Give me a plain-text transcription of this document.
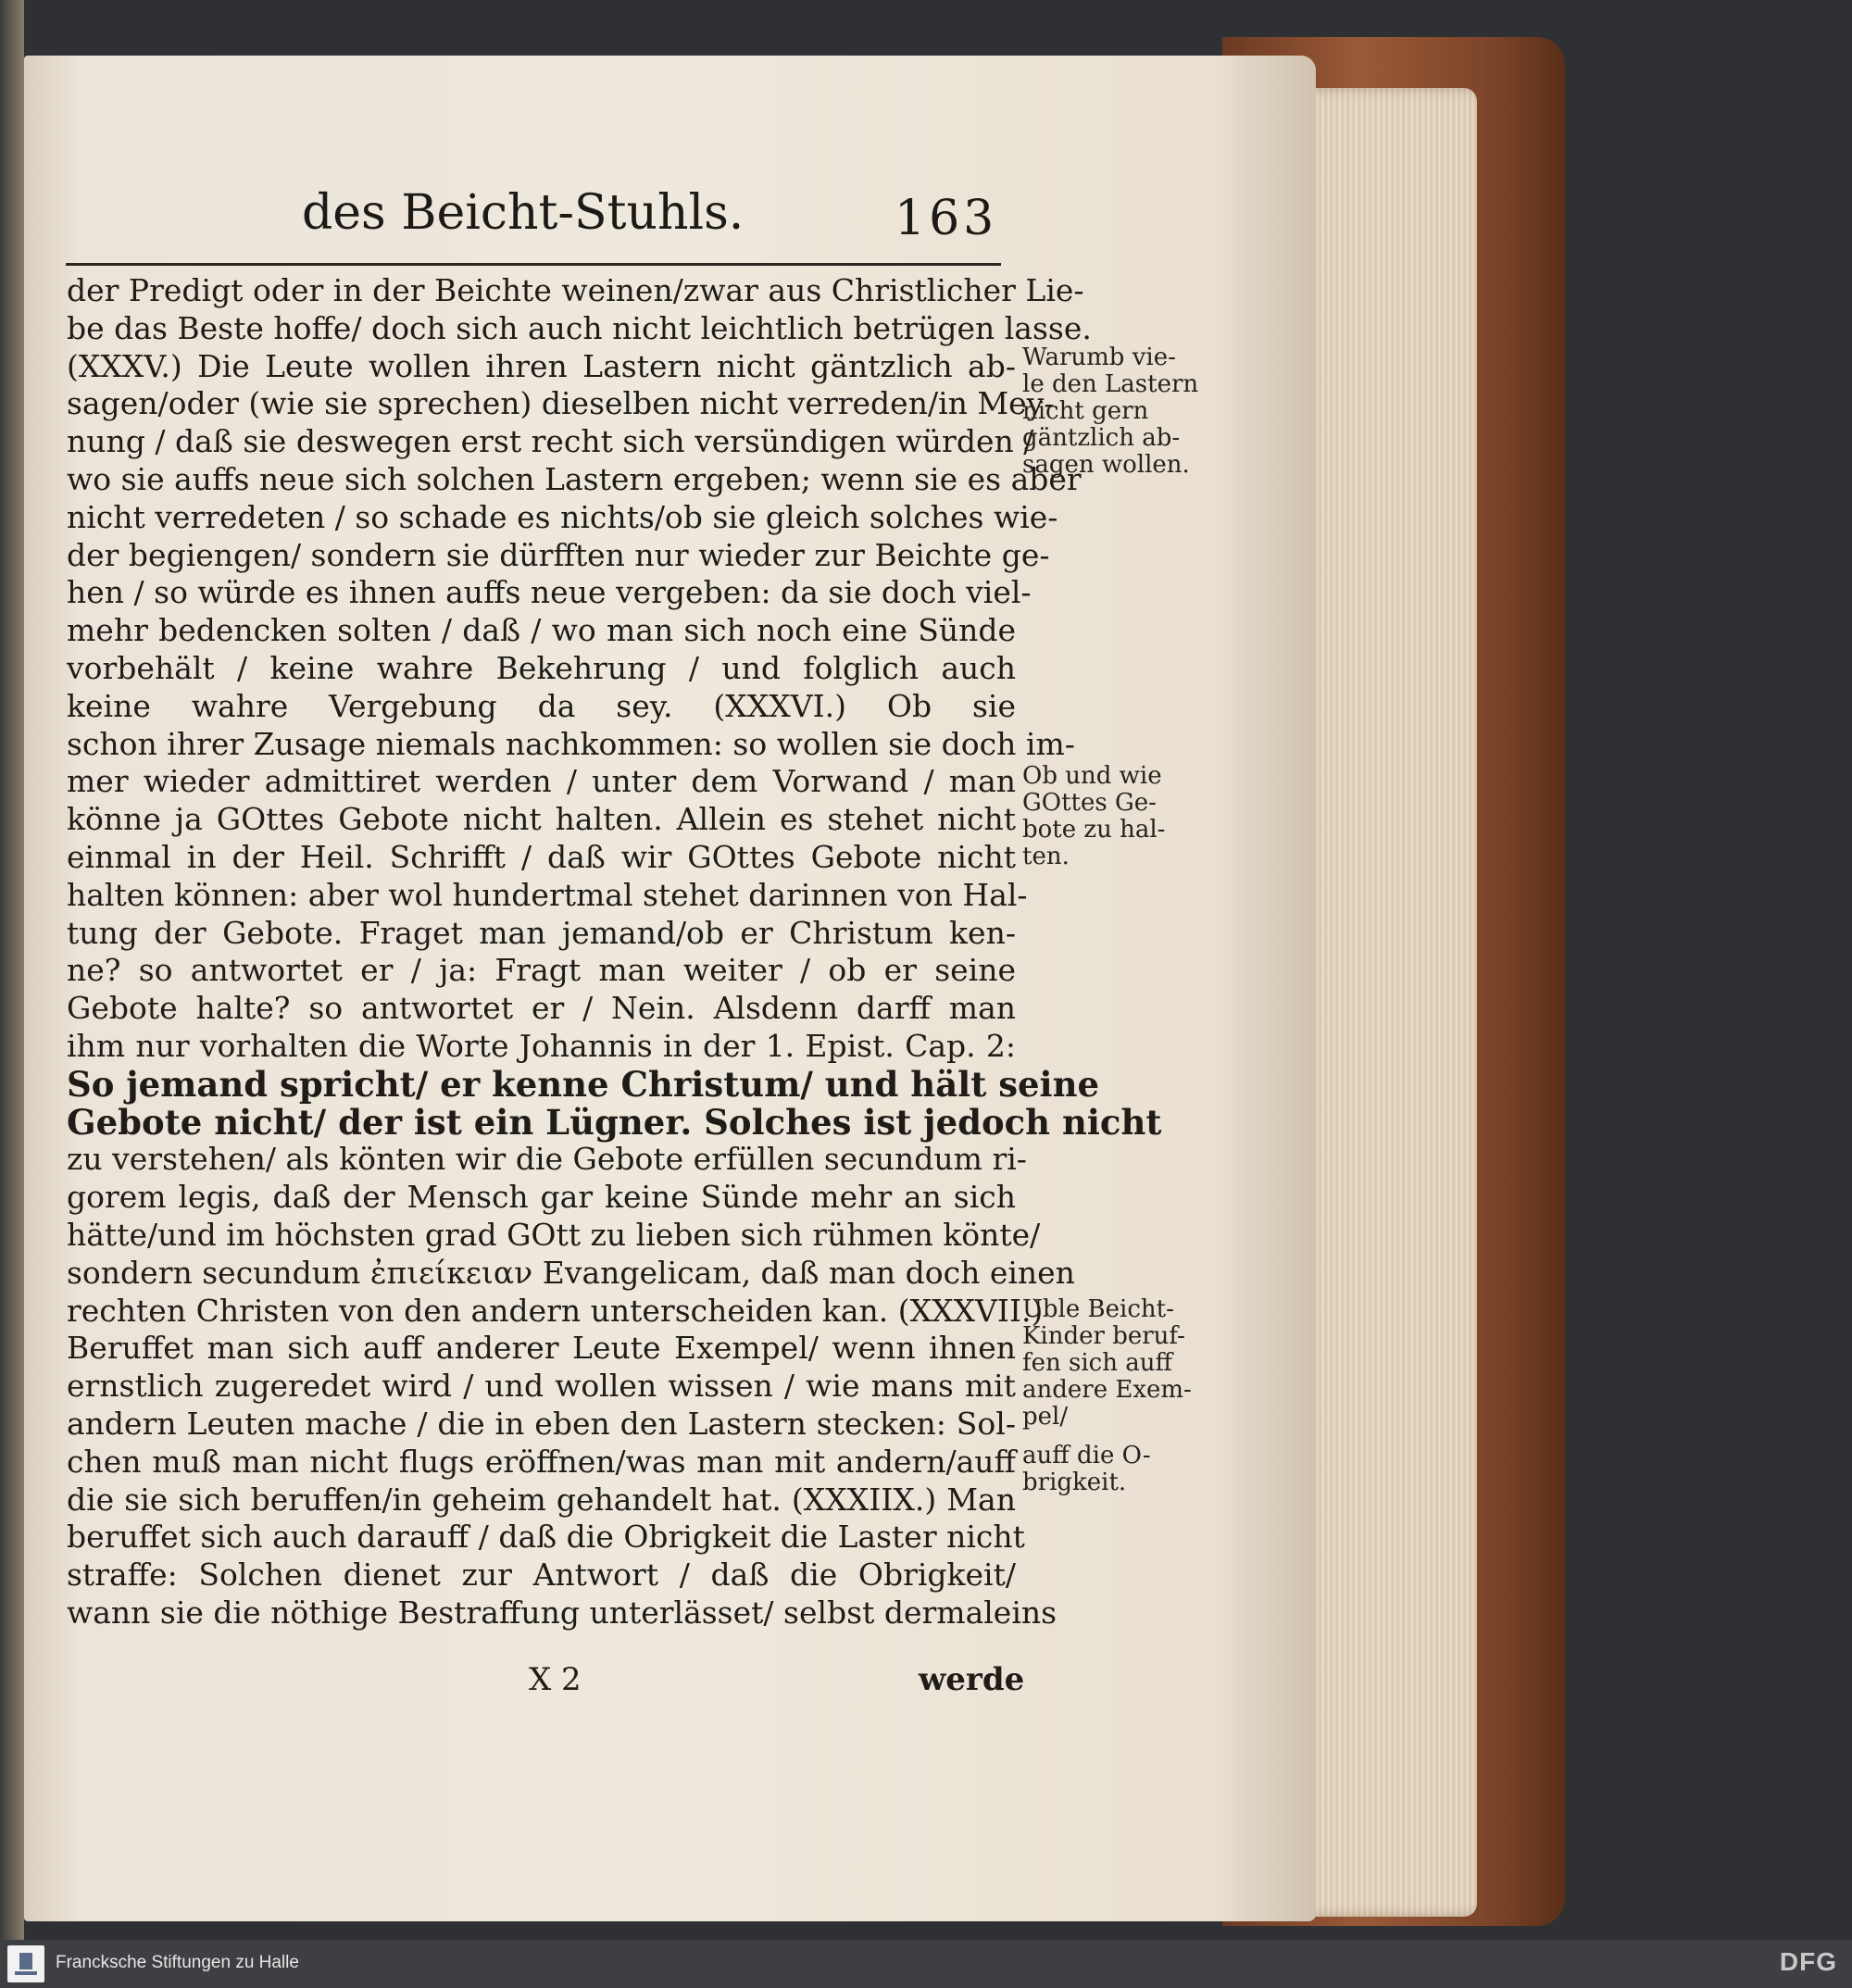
des Beicht-Stuhls.	163
der Predigt oder in der Beichte weinen/zwar aus Christlicher Lie-
be das Beste hoffe/ doch sich auch nicht leichtlich betrügen lasse.
(XXXV.) Die Leute wollen ihren Lastern nicht gäntzlich ab-
sagen/oder (wie sie sprechen) dieselben nicht verreden/in Mey-
nung / daß sie deswegen erst recht sich versündigen würden /
wo sie auffs neue sich solchen Lastern ergeben; wenn sie es aber
nicht verredeten / so schade es nichts/ob sie gleich solches wie-
der begiengen/ sondern sie dürfften nur wieder zur Beichte ge-
hen / so würde es ihnen auffs neue vergeben: da sie doch viel-
mehr bedencken solten / daß / wo man sich noch eine Sünde
vorbehält / keine wahre Bekehrung / und folglich auch
keine wahre Vergebung da sey. (XXXVI.) Ob sie
schon ihrer Zusage niemals nachkommen: so wollen sie doch im-
mer wieder admittiret werden / unter dem Vorwand / man
könne ja GOttes Gebote nicht halten. Allein es stehet nicht
einmal in der Heil. Schrifft / daß wir GOttes Gebote nicht
halten können: aber wol hundertmal stehet darinnen von Hal-
tung der Gebote. Fraget man jemand/ob er Christum ken-
ne? so antwortet er / ja: Fragt man weiter / ob er seine
Gebote halte? so antwortet er / Nein. Alsdenn darff man
ihm nur vorhalten die Worte Johannis in der 1. Epist. Cap. 2:
So jemand spricht/ er kenne Christum/ und hält seine
Gebote nicht/ der ist ein Lügner. Solches ist jedoch nicht
zu verstehen/ als könten wir die Gebote erfüllen secundum ri-
gorem legis, daß der Mensch gar keine Sünde mehr an sich
hätte/und im höchsten grad GOtt zu lieben sich rühmen könte/
sondern secundum ἐπιείκειαν Evangelicam, daß man doch einen
rechten Christen von den andern unterscheiden kan. (XXXVII.)
Beruffet man sich auff anderer Leute Exempel/ wenn ihnen
ernstlich zugeredet wird / und wollen wissen / wie mans mit
andern Leuten mache / die in eben den Lastern stecken: Sol-
chen muß man nicht flugs eröffnen/was man mit andern/auff
die sie sich beruffen/in geheim gehandelt hat. (XXXIIX.) Man
beruffet sich auch darauff / daß die Obrigkeit die Laster nicht
straffe: Solchen dienet zur Antwort / daß die Obrigkeit/
wann sie die nöthige Bestraffung unterlässet/ selbst dermaleins
Warumb vie-
le den Lastern
nicht gern
gäntzlich ab-
sagen wollen.
Ob und wie
GOttes Ge-
bote zu hal-
ten.
Uble Beicht-
Kinder beruf-
fen sich auff
andere Exem-
pel/
auff die O-
brigkeit.
X 2	werde
Francksche Stiftungen zu Halle	DFG
